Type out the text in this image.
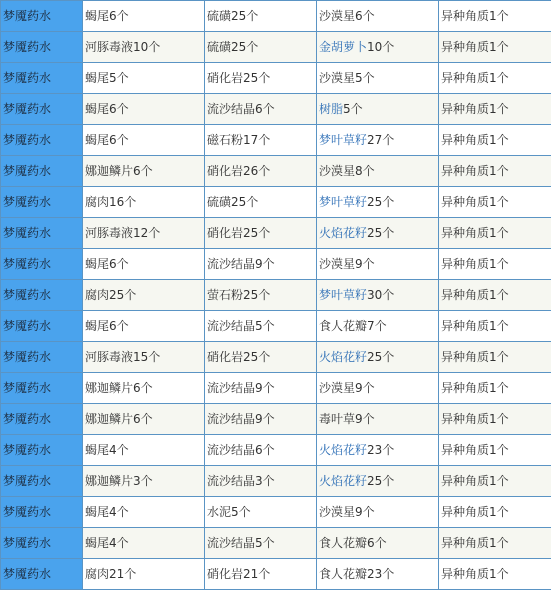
梦魇药水	蝎尾6个	硫磺25个	沙漠星6个	异种角质1个
梦魇药水	河豚毒液10个	硫磺25个	金胡萝卜10个	异种角质1个
梦魇药水	蝎尾5个	硝化岩25个	沙漠星5个	异种角质1个
梦魇药水	蝎尾6个	流沙结晶6个	树脂5个	异种角质1个
梦魇药水	蝎尾6个	磁石粉17个	梦叶草籽27个	异种角质1个
梦魇药水	娜迦鳞片6个	硝化岩26个	沙漠星8个	异种角质1个
梦魇药水	腐肉16个	硫磺25个	梦叶草籽25个	异种角质1个
梦魇药水	河豚毒液12个	硝化岩25个	火焰花籽25个	异种角质1个
梦魇药水	蝎尾6个	流沙结晶9个	沙漠星9个	异种角质1个
梦魇药水	腐肉25个	萤石粉25个	梦叶草籽30个	异种角质1个
梦魇药水	蝎尾6个	流沙结晶5个	食人花瓣7个	异种角质1个
梦魇药水	河豚毒液15个	硝化岩25个	火焰花籽25个	异种角质1个
梦魇药水	娜迦鳞片6个	流沙结晶9个	沙漠星9个	异种角质1个
梦魇药水	娜迦鳞片6个	流沙结晶9个	毒叶草9个	异种角质1个
梦魇药水	蝎尾4个	流沙结晶6个	火焰花籽23个	异种角质1个
梦魇药水	娜迦鳞片3个	流沙结晶3个	火焰花籽25个	异种角质1个
梦魇药水	蝎尾4个	水泥5个	沙漠星9个	异种角质1个
梦魇药水	蝎尾4个	流沙结晶5个	食人花瓣6个	异种角质1个
梦魇药水	腐肉21个	硝化岩21个	食人花瓣23个	异种角质1个
